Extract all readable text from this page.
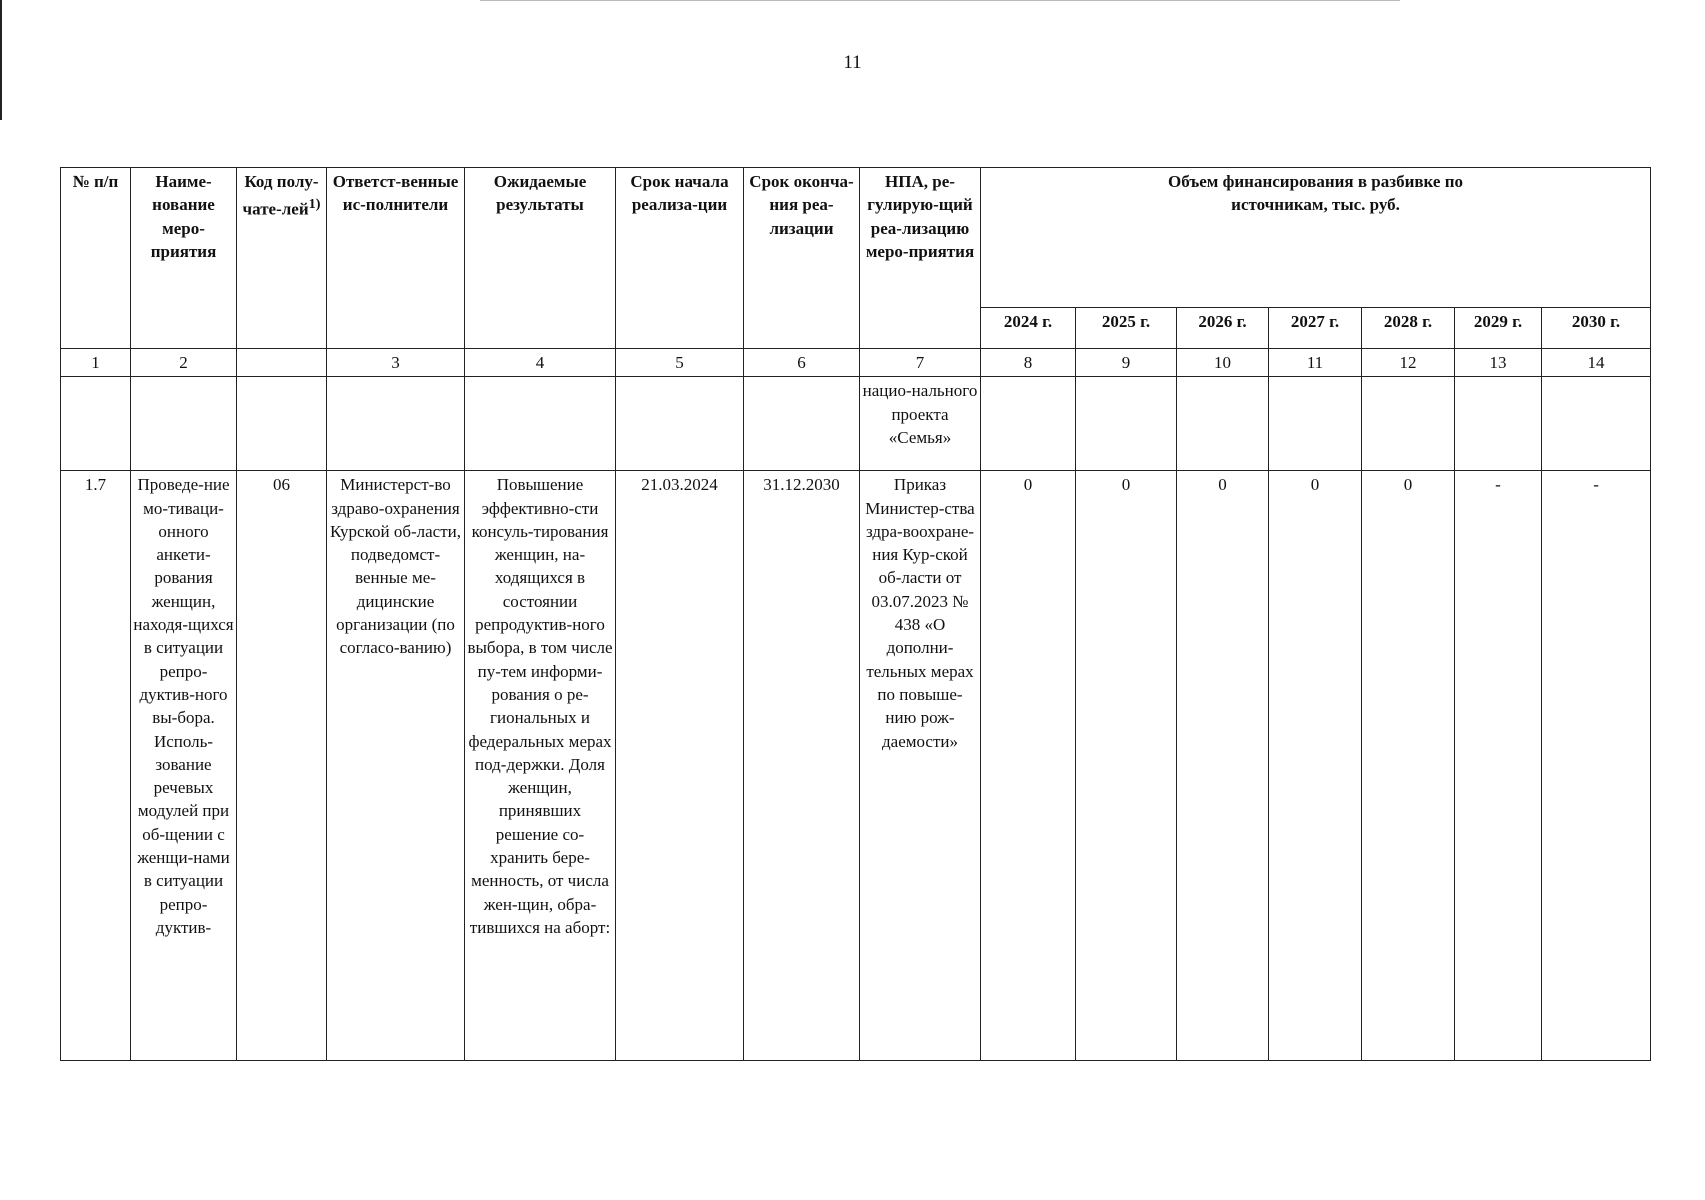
11
№ п/п	Наиме-нование меро-приятия	Код полу-чате-лей$^{1)}$	Ответст-венные ис-полнители	Ожидаемые результаты	Срок начала реализа-ции	Срок оконча-ния реа-лизации	НПА, ре-гулирую-щий реа-лизацию меро-приятия	Объем финансирования в разбивке по источникам, тыс. руб.						

								2024 г.	2025 г.	2026 г.	2027 г.	2028 г.	2029 г.	2030 г.
1	2		3	4	5	6	7	8	9	10	11	12	13	14
							нацио-нального проекта «Семья»							
1.7	Проведе-ние мо-тиваци-онного анкети-рования женщин, находя-щихся в ситуации репро-дуктив-ного вы-бора. Исполь-зование речевых модулей при об-щении с женщи-нами в ситуации репро-дуктив-	06	Министерст-во здраво-охранения Курской об-ласти, подведомст-венные ме-дицинские организации (по согласо-ванию)	Повышение эффективно-сти консуль-тирования женщин, на-ходящихся в состоянии репродуктив-ного выбора, в том числе пу-тем информи-рования о ре-гиональных и федеральных мерах под-держки. Доля женщин, принявших решение со-хранить бере-менность, от числа жен-щин, обра-тившихся на аборт:	21.03.2024	31.12.2030	Приказ Министер-ства здра-воохране-ния Кур-ской об-ласти от 03.07.2023 № 438 «О дополни-тельных мерах по повыше-нию рож-даемости»	0	0	0	0	0	-	-
